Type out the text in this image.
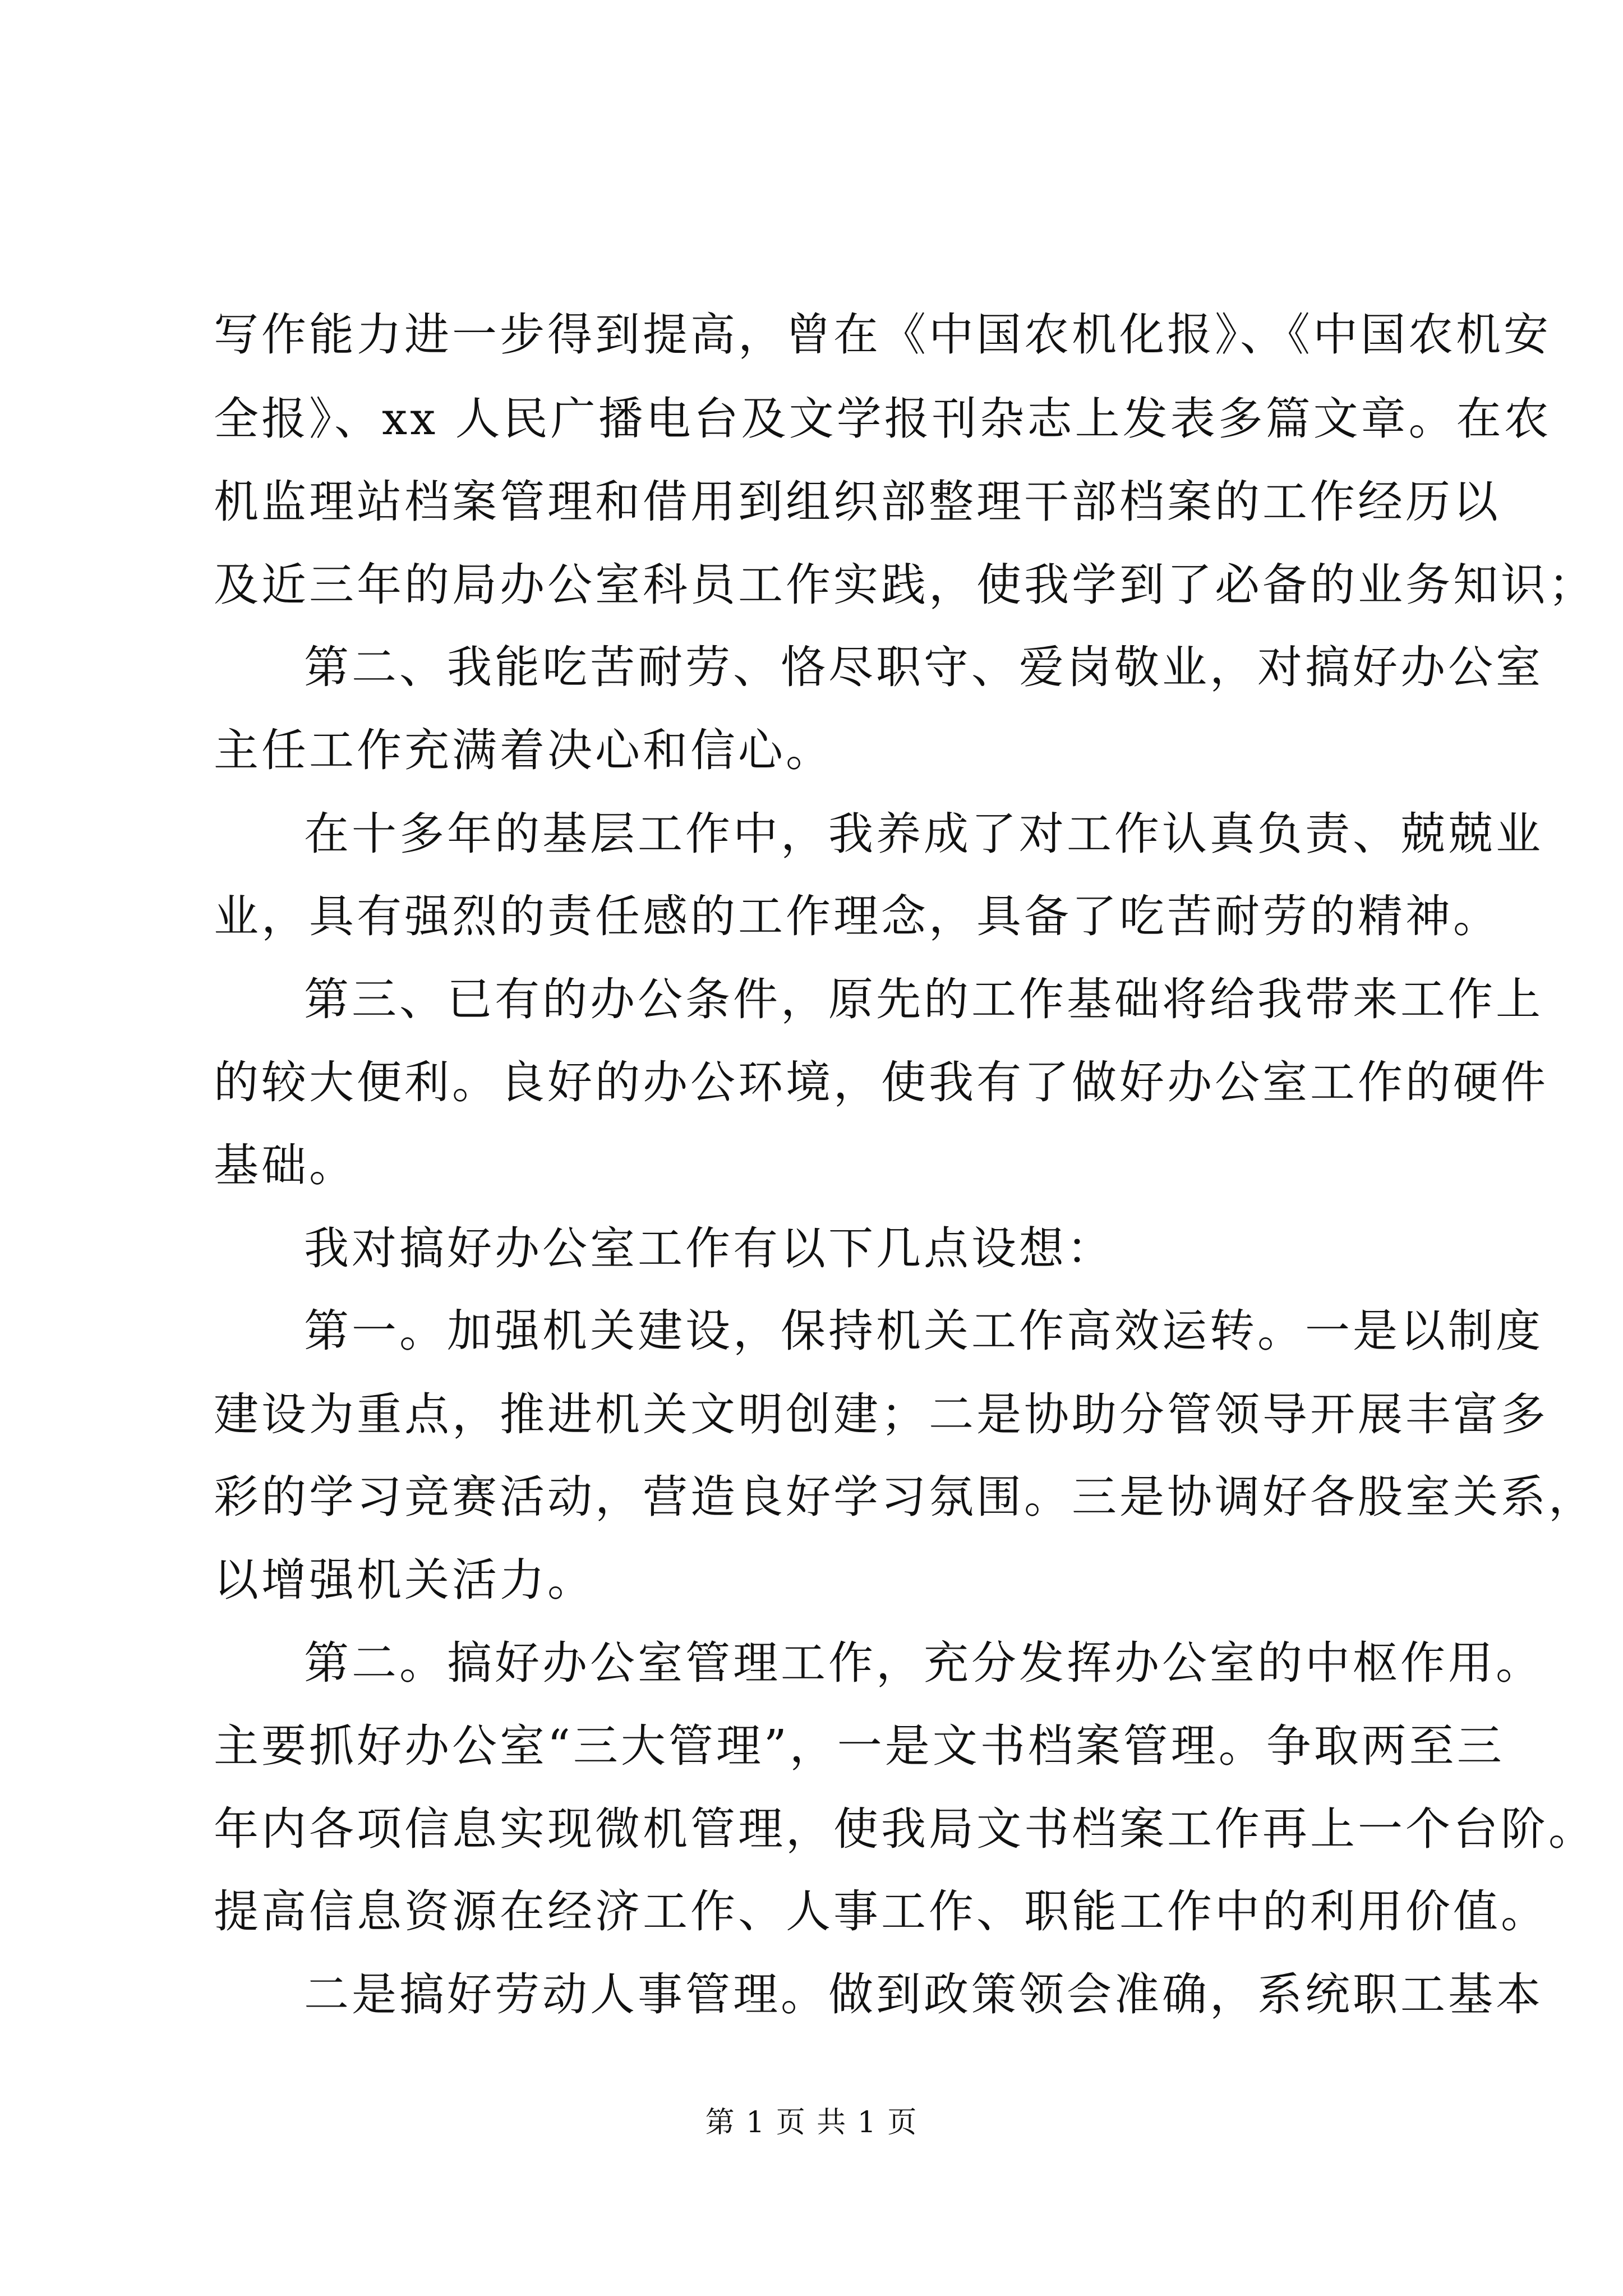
写作能力进一步得到提高，曾在《中国农机化报》、《中国农机安
全报》、xx 人民广播电台及文学报刊杂志上发表多篇文章。在农
机监理站档案管理和借用到组织部整理干部档案的工作经历以
及近三年的局办公室科员工作实践，使我学到了必备的业务知识；
第二、我能吃苦耐劳、恪尽职守、爱岗敬业，对搞好办公室
主任工作充满着决心和信心。
在十多年的基层工作中，我养成了对工作认真负责、兢兢业
业，具有强烈的责任感的工作理念，具备了吃苦耐劳的精神。
第三、已有的办公条件，原先的工作基础将给我带来工作上
的较大便利。良好的办公环境，使我有了做好办公室工作的硬件
基础。
我对搞好办公室工作有以下几点设想：
第一。加强机关建设，保持机关工作高效运转。一是以制度
建设为重点，推进机关文明创建；二是协助分管领导开展丰富多
彩的学习竞赛活动，营造良好学习氛围。三是协调好各股室关系，
以增强机关活力。
第二。搞好办公室管理工作，充分发挥办公室的中枢作用。
主要抓好办公室“三大管理”，一是文书档案管理。争取两至三
年内各项信息实现微机管理，使我局文书档案工作再上一个台阶。
提高信息资源在经济工作、人事工作、职能工作中的利用价值。
二是搞好劳动人事管理。做到政策领会准确，系统职工基本
第 1 页 共 1 页
